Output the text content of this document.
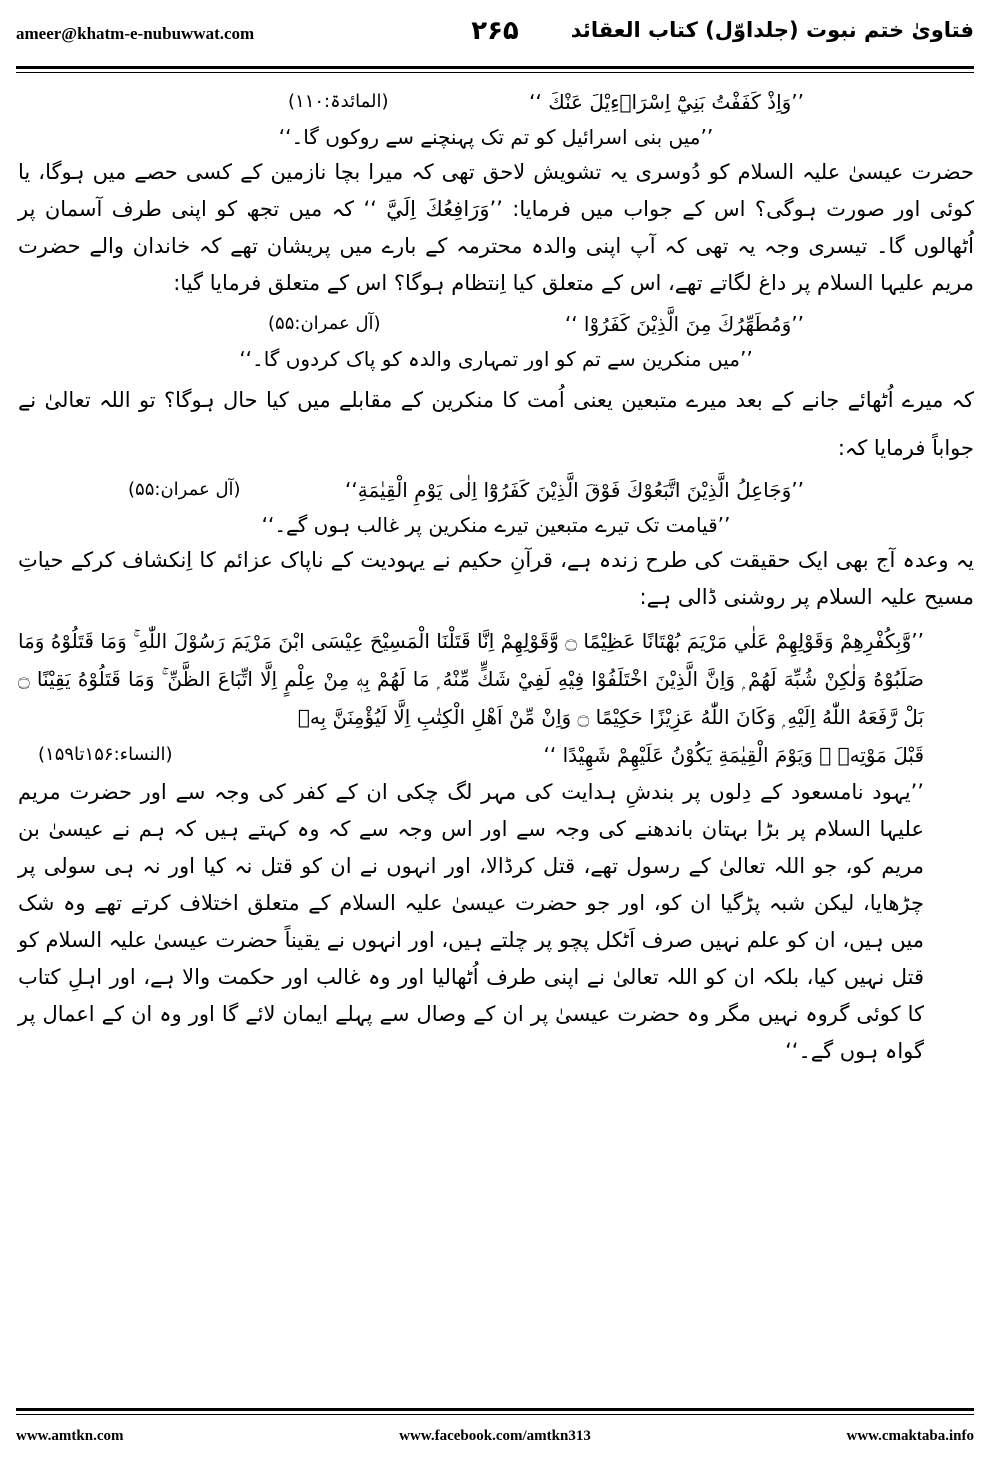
ameer@khatm-e-nubuwwat.com	۲۶۵ فتاویٰ ختم نبوت (جلداوّل) کتاب العقائد
’’وَاِذْ كَفَفْتُ بَنِيْٓ اِسْرَاۗءِيْلَ عَنْكَ ‘‘
(المائدۃ:۱۱۰)

’’میں بنی اسرائیل کو تم تک پہنچنے سے روکوں گا۔‘‘

حضرت عیسیٰ علیہ السلام کو دُوسری یہ تشویش لاحق تھی کہ میرا بچا نازمین کے کسی حصے میں ہوگا، یا کوئی اور صورت ہوگی؟ اس کے جواب میں فرمایا: ’’وَرَافِعُكَ اِلَيَّ ‘‘ کہ میں تجھ کو اپنی طرف آسمان پر اُٹھالوں گا۔ تیسری وجہ یہ تھی کہ آپ اپنی والدہ محترمہ کے بارے میں پریشان تھے کہ خاندان والے حضرت مریم علیہا السلام پر داغ لگاتے تھے، اس کے متعلق کیا اِنتظام ہوگا؟ اس کے متعلق فرمایا گیا:

’’وَمُطَهِّرُكَ مِنَ الَّذِيْنَ كَفَرُوْا ‘‘
(آل عمران:۵۵)

’’میں منکرین سے تم کو اور تمہاری والدہ کو پاک کردوں گا۔‘‘

کہ میرے اُٹھائے جانے کے بعد میرے متبعین یعنی اُمت کا منکرین کے مقابلے میں کیا حال ہوگا؟ تو اللہ تعالیٰ نے جواباً فرمایا کہ:

’’وَجَاعِلُ الَّذِيْنَ اتَّبَعُوْكَ فَوْقَ الَّذِيْنَ كَفَرُوْٓا اِلٰى يَوْمِ الْقِيٰمَةِ‘‘
(آل عمران:۵۵)

’’قیامت تک تیرے متبعین تیرے منکرین پر غالب ہوں گے۔‘‘

یہ وعدہ آج بھی ایک حقیقت کی طرح زندہ ہے، قرآنِ حکیم نے یہودیت کے ناپاک عزائم کا اِنکشاف کرکے حیاتِ مسیح علیہ السلام پر روشنی ڈالی ہے:

’’وَّبِكُفْرِهِمْ وَقَوْلِهِمْ عَلٰي مَرْيَمَ بُهْتَانًا عَظِيْمًا ۝ وَّقَوْلِهِمْ اِنَّا قَتَلْنَا الْمَسِيْحَ عِيْسَى ابْنَ مَرْيَمَ رَسُوْلَ اللّٰهِ ۚ وَمَا قَتَلُوْهُ وَمَا صَلَبُوْهُ وَلٰكِنْ شُبِّهَ لَهُمْ ۭ وَاِنَّ الَّذِيْنَ اخْتَلَفُوْا فِيْهِ لَفِيْ شَكٍّ مِّنْهُ ۭ مَا لَهُمْ بِهٖ مِنْ عِلْمٍ اِلَّا اتِّبَاعَ الظَّنِّ ۚ وَمَا قَتَلُوْهُ يَقِيْنًا ۝ بَلْ رَّفَعَهُ اللّٰهُ اِلَيْهِ ۭ وَكَانَ اللّٰهُ عَزِيْزًا حَكِيْمًا ۝ وَاِنْ مِّنْ اَهْلِ الْكِتٰبِ اِلَّا لَيُؤْمِنَنَّ بِهٖ

قَبْلَ مَوْتِهٖ ۚ وَيَوْمَ الْقِيٰمَةِ يَكُوْنُ عَلَيْهِمْ شَهِيْدًا ‘‘
(النساء:۱۵۶تا۱۵۹)

’’یہود نامسعود کے دِلوں پر بندشِ ہدایت کی مہر لگ چکی ان کے کفر کی وجہ سے اور حضرت مریم علیہا السلام پر بڑا بہتان باندھنے کی وجہ سے اور اس وجہ سے کہ وہ کہتے ہیں کہ ہم نے عیسیٰ بن مریم کو، جو اللہ تعالیٰ کے رسول تھے، قتل کرڈالا، اور انہوں نے ان کو قتل نہ کیا اور نہ ہی سولی پر چڑھایا، لیکن شبہ پڑگیا ان کو، اور جو حضرت عیسیٰ علیہ السلام کے متعلق اختلاف کرتے تھے وہ شک میں ہیں، ان کو علم نہیں صرف اَٹکل پچو پر چلتے ہیں، اور انہوں نے یقیناً حضرت عیسیٰ علیہ السلام کو قتل نہیں کیا، بلکہ ان کو اللہ تعالیٰ نے اپنی طرف اُٹھالیا اور وہ غالب اور حکمت والا ہے، اور اہلِ کتاب کا کوئی گروہ نہیں مگر وہ حضرت عیسیٰ پر ان کے وصال سے پہلے ایمان لائے گا اور وہ ان کے اعمال پر گواہ ہوں گے۔‘‘

www.amtkn.com	www.facebook.com/amtkn313	www.cmaktaba.info
